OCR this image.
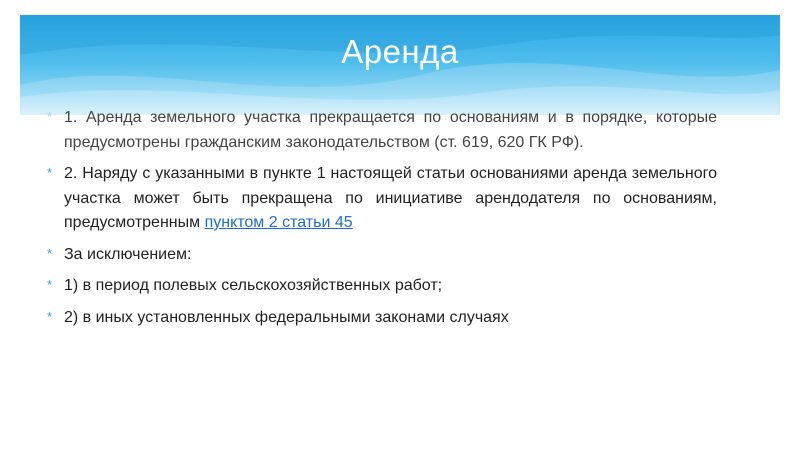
Аренда
* 1. Аренда земельного участка прекращается по основаниям и в порядке, которые предусмотрены гражданским законодательством (ст. 619, 620 ГК РФ).
* 2. Наряду с указанными в пункте 1 настоящей статьи основаниями аренда земельного участка может быть прекращена по инициативе арендодателя по основаниям, предусмотренным пунктом 2 статьи 45
* За исключением:
* 1) в период полевых сельскохозяйственных работ;
* 2) в иных установленных федеральными законами случаях
